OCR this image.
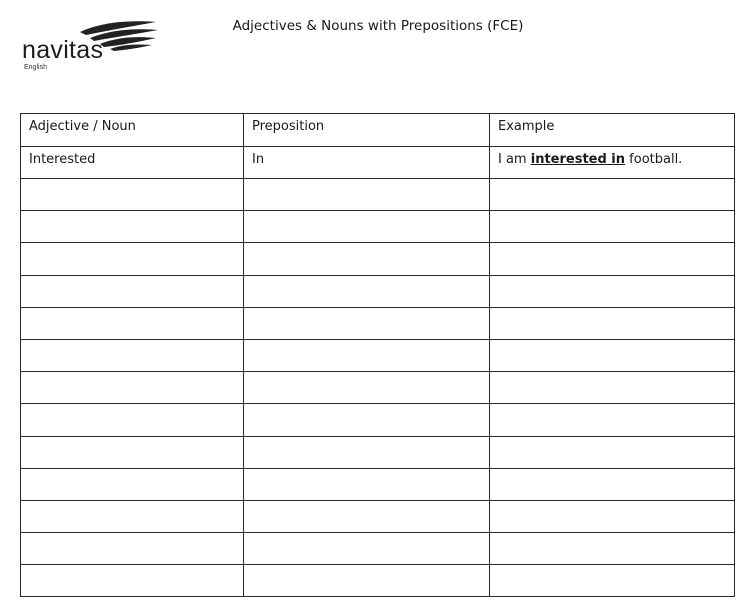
navitas
English
Adjectives & Nouns with Prepositions (FCE)
Adjective / Noun	Preposition	Example
Interested	In	I am interested in football.
